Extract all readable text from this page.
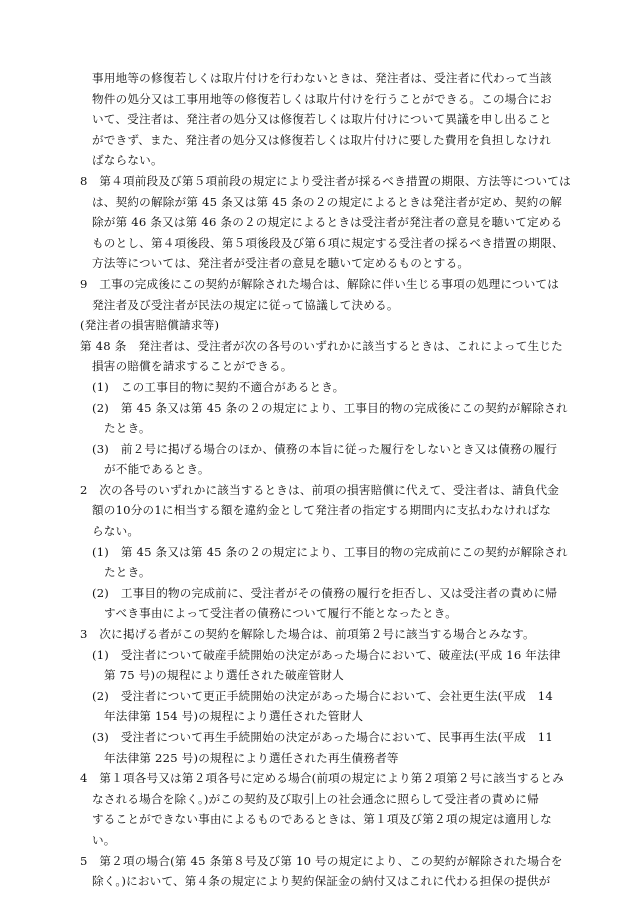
事用地等の修復若しくは取片付けを行わないときは、発注者は、受注者に代わって当該
物件の処分又は工事用地等の修復若しくは取片付けを行うことができる。この場合にお
いて、受注者は、発注者の処分又は修復若しくは取片付けについて異議を申し出ること
ができず、また、発注者の処分又は修復若しくは取片付けに要した費用を負担しなけれ
ばならない。
8　第４項前段及び第５項前段の規定により受注者が採るべき措置の期限、方法等については
は、契約の解除が第 45 条又は第 45 条の２の規定によるときは発注者が定め、契約の解
除が第 46 条又は第 46 条の２の規定によるときは受注者が発注者の意見を聴いて定める
ものとし、第４項後段、第５項後段及び第６項に規定する受注者の採るべき措置の期限、
方法等については、発注者が受注者の意見を聴いて定めるものとする。
9　工事の完成後にこの契約が解除された場合は、解除に伴い生じる事項の処理については
発注者及び受注者が民法の規定に従って協議して決める。
(発注者の損害賠償請求等)
第 48 条　発注者は、受注者が次の各号のいずれかに該当するときは、これによって生じた
損害の賠償を請求することができる。
(1)　この工事目的物に契約不適合があるとき。
(2)　第 45 条又は第 45 条の２の規定により、工事目的物の完成後にこの契約が解除され
たとき。
(3)　前２号に掲げる場合のほか、債務の本旨に従った履行をしないとき又は債務の履行
が不能であるとき。
2　次の各号のいずれかに該当するときは、前項の損害賠償に代えて、受注者は、請負代金
額の10分の1に相当する額を違約金として発注者の指定する期間内に支払わなければな
らない。
(1)　第 45 条又は第 45 条の２の規定により、工事目的物の完成前にこの契約が解除され
たとき。
(2)　工事目的物の完成前に、受注者がその債務の履行を拒否し、又は受注者の責めに帰
すべき事由によって受注者の債務について履行不能となったとき。
3　次に掲げる者がこの契約を解除した場合は、前項第２号に該当する場合とみなす。
(1)　受注者について破産手続開始の決定があった場合において、破産法(平成 16 年法律
第 75 号)の規程により選任された破産管財人
(2)　受注者について更正手続開始の決定があった場合において、会社更生法(平成　14
年法律第 154 号)の規程により選任された管財人
(3)　受注者について再生手続開始の決定があった場合において、民事再生法(平成　11
年法律第 225 号)の規程により選任された再生債務者等
4　第１項各号又は第２項各号に定める場合(前項の規定により第２項第２号に該当するとみ
なされる場合を除く。)がこの契約及び取引上の社会通念に照らして受注者の責めに帰
することができない事由によるものであるときは、第１項及び第２項の規定は適用しな
い。
5　第２項の場合(第 45 条第８号及び第 10 号の規定により、この契約が解除された場合を
除く。)において、第４条の規定により契約保証金の納付又はこれに代わる担保の提供が
